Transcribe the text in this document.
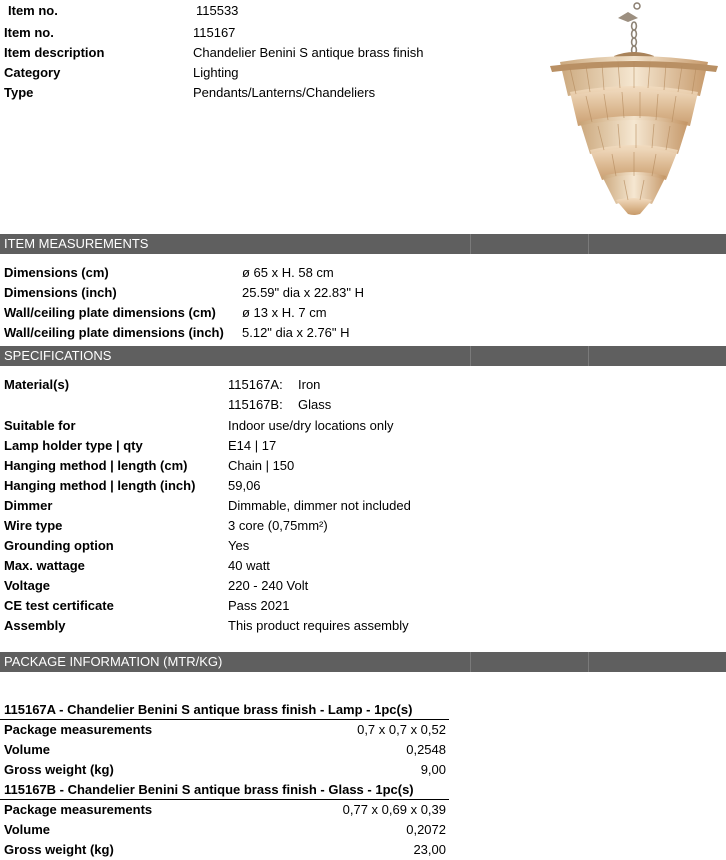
Item no.	115533
Item no.	115167
Item description	Chandelier Benini S antique brass finish
Category	Lighting
Type	Pendants/Lanterns/Chandeliers
ITEM MEASUREMENTS
Dimensions (cm)	ø 65 x H. 58 cm
Dimensions (inch)	25.59" dia x 22.83" H
Wall/ceiling plate dimensions (cm) ø 13 x H. 7 cm
Wall/ceiling plate dimensions (inch) 5.12" dia x 2.76" H
SPECIFICATIONS
Material(s)	115167A: Iron
115167B: Glass
Suitable for	Indoor use/dry locations only
Lamp holder type | qty	E14 | 17
Hanging method | length (cm)	Chain | 150
Hanging method | length (inch)	59,06
Dimmer	Dimmable, dimmer not included
Wire type	3 core (0,75mm²)
Grounding option	Yes
Max. wattage	40 watt
Voltage	220 - 240 Volt
CE test certificate	Pass 2021
Assembly	This product requires assembly
PACKAGE INFORMATION (MTR/KG)
115167A - Chandelier Benini S antique brass finish - Lamp - 1pc(s)
Package measurements	0,7 x 0,7 x 0,52
Volume	0,2548
Gross weight (kg)	9,00
115167B - Chandelier Benini S antique brass finish - Glass - 1pc(s)
Package measurements	0,77 x 0,69 x 0,39
Volume	0,2072
Gross weight (kg)	23,00
